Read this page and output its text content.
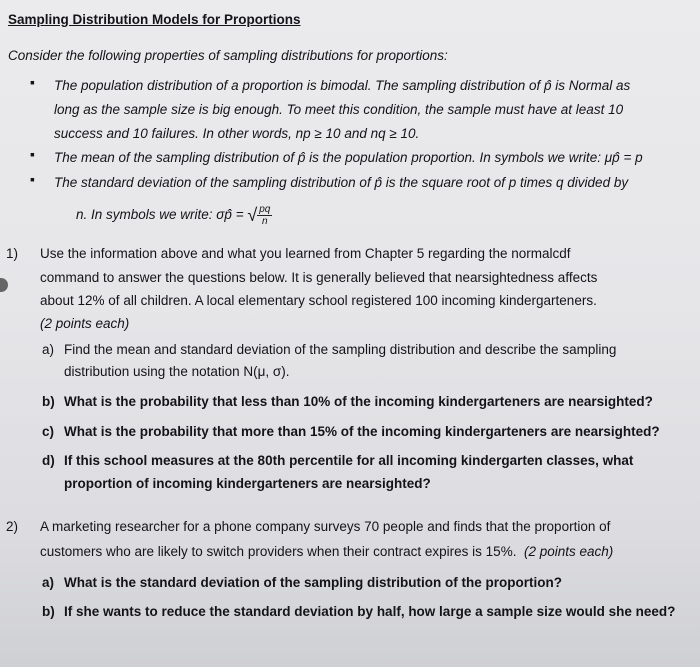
Sampling Distribution Models for Proportions
Consider the following properties of sampling distributions for proportions:
▪ The population distribution of a proportion is bimodal. The sampling distribution of p̂ is Normal as
long as the sample size is big enough. To meet this condition, the sample must have at least 10
success and 10 failures. In other words, np ≥ 10 and nq ≥ 10.
▪ The mean of the sampling distribution of p̂ is the population proportion. In symbols we write: μp̂ = p
▪ The standard deviation of the sampling distribution of p̂ is the square root of p times q divided by
n. In symbols we write: σp̂ = √ $\frac{pq}{n}$
1) Use the information above and what you learned from Chapter 5 regarding the normalcdf
command to answer the questions below. It is generally believed that nearsightedness affects
about 12% of all children. A local elementary school registered 100 incoming kindergarteners.
(2 points each)
a) Find the mean and standard deviation of the sampling distribution and describe the sampling
distribution using the notation N(μ, σ).
b) What is the probability that less than 10% of the incoming kindergarteners are nearsighted?
c) What is the probability that more than 15% of the incoming kindergarteners are nearsighted?
d) If this school measures at the 80th percentile for all incoming kindergarten classes, what
proportion of incoming kindergarteners are nearsighted?
2) A marketing researcher for a phone company surveys 70 people and finds that the proportion of
customers who are likely to switch providers when their contract expires is 15%. (2 points each)
a) What is the standard deviation of the sampling distribution of the proportion?
b) If she wants to reduce the standard deviation by half, how large a sample size would she need?
